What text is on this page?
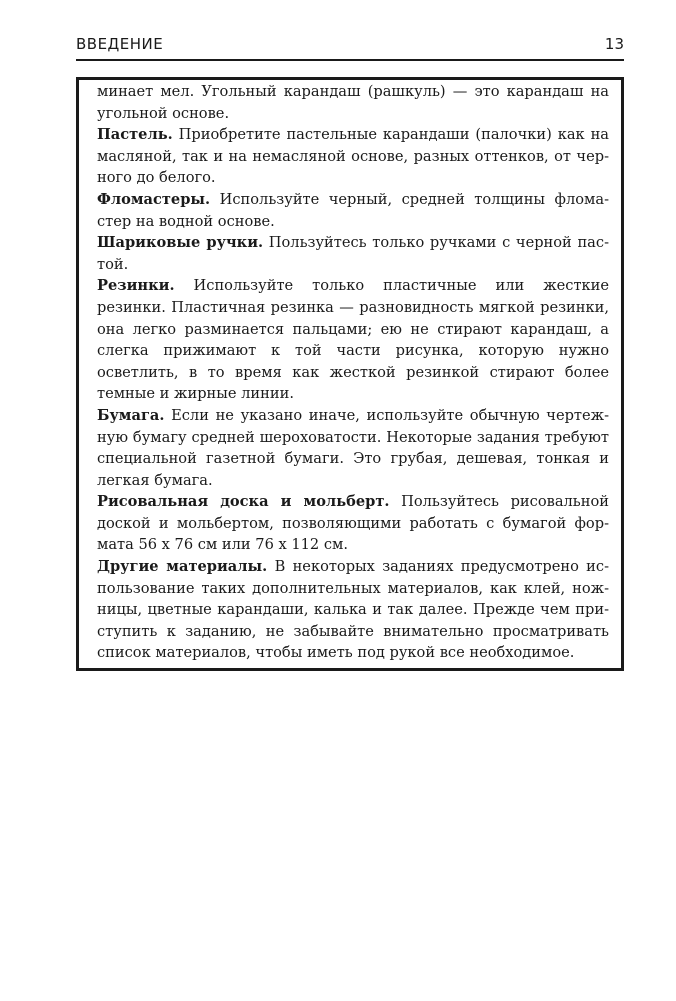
ВВЕДЕНИЕ	13

минает мел. Угольный карандаш (рашкуль) — это карандаш на угольной основе.

Пастель. Приобретите пастельные карандаши (палочки) как на масляной, так и на немасляной основе, разных оттенков, от черного до белого.

Фломастеры. Используйте черный, средней толщины фломастер на водной основе.

Шариковые ручки. Пользуйтесь только ручками с черной пастой.

Резинки. Используйте только пластичные или жесткие резинки. Пластичная резинка — разновидность мягкой резинки, она легко разминается пальцами; ею не стирают карандаш, а слегка прижимают к той части рисунка, которую нужно осветлить, в то время как жесткой резинкой стирают более темные и жирные линии.

Бумага. Если не указано иначе, используйте обычную чертежную бумагу средней шероховатости. Некоторые задания требуют специальной газетной бумаги. Это грубая, дешевая, тонкая и легкая бумага.

Рисовальная доска и мольберт. Пользуйтесь рисовальной доской и мольбертом, позволяющими работать с бумагой формата 56 x 76 см или 76 x 112 см.

Другие материалы. В некоторых заданиях предусмотрено использование таких дополнительных материалов, как клей, ножницы, цветные карандаши, калька и так далее. Прежде чем приступить к заданию, не забывайте внимательно просматривать список материалов, чтобы иметь под рукой все необходимое.
